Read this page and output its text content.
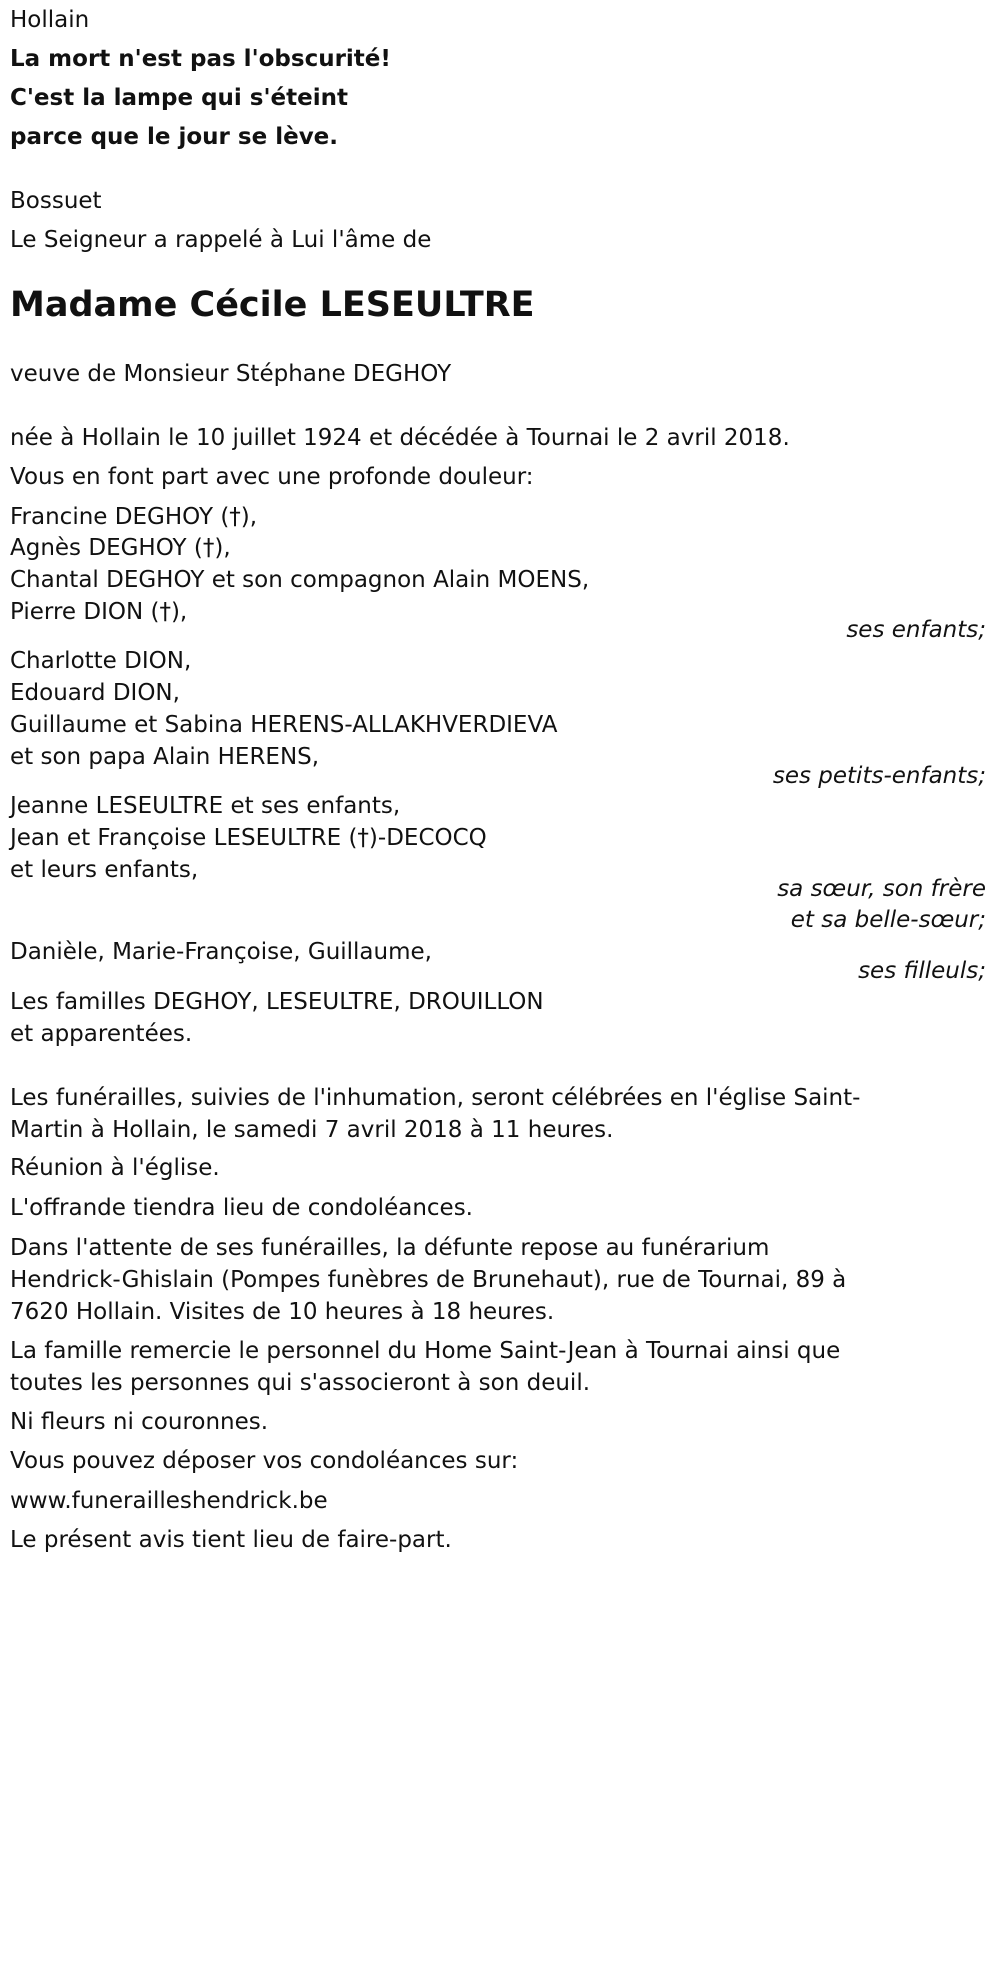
Hollain
La mort n'est pas l'obscurité!
C'est la lampe qui s'éteint
parce que le jour se lève.
Bossuet
Le Seigneur a rappelé à Lui l'âme de
Madame Cécile LESEULTRE
veuve de Monsieur Stéphane DEGHOY
née à Hollain le 10 juillet 1924 et décédée à Tournai le 2 avril 2018.
Vous en font part avec une profonde douleur:
Francine DEGHOY (†),
Agnès DEGHOY (†),
Chantal DEGHOY et son compagnon Alain MOENS,
Pierre DION (†),
ses enfants;
Charlotte DION,
Edouard DION,
Guillaume et Sabina HERENS-ALLAKHVERDIEVA
et son papa Alain HERENS,
ses petits-enfants;
Jeanne LESEULTRE et ses enfants,
Jean et Françoise LESEULTRE (†)-DECOCQ
et leurs enfants,
sa sœur, son frère
et sa belle-sœur;
Danièle, Marie-Françoise, Guillaume,
ses filleuls;
Les familles DEGHOY, LESEULTRE, DROUILLON
et apparentées.
Les funérailles, suivies de l'inhumation, seront célébrées en l'église Saint-
Martin à Hollain, le samedi 7 avril 2018 à 11 heures.
Réunion à l'église.
L'offrande tiendra lieu de condoléances.
Dans l'attente de ses funérailles, la défunte repose au funérarium
Hendrick-Ghislain (Pompes funèbres de Brunehaut), rue de Tournai, 89 à
7620 Hollain. Visites de 10 heures à 18 heures.
La famille remercie le personnel du Home Saint-Jean à Tournai ainsi que
toutes les personnes qui s'associeront à son deuil.
Ni fleurs ni couronnes.
Vous pouvez déposer vos condoléances sur:
www.funerailleshendrick.be
Le présent avis tient lieu de faire-part.
